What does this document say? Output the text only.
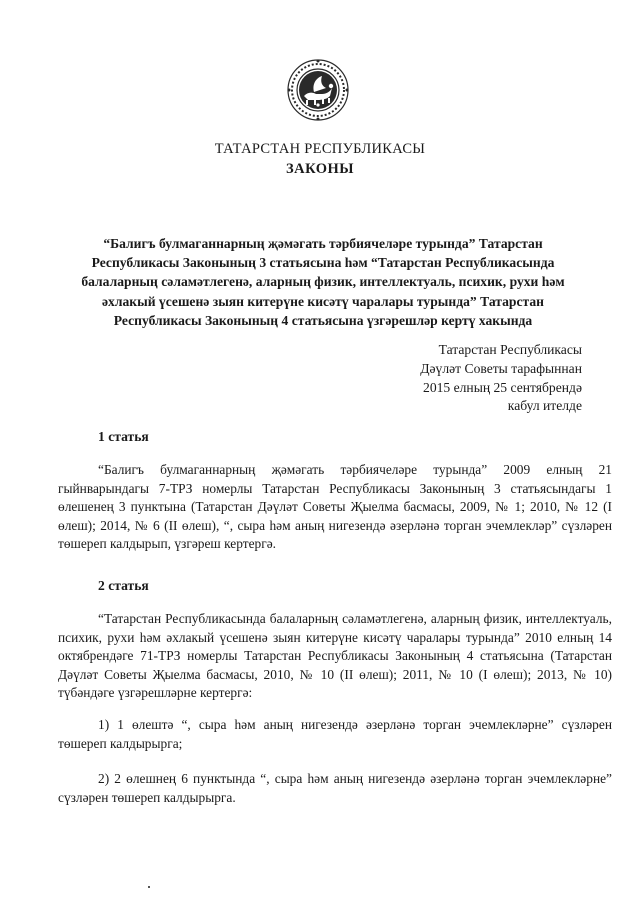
ТАТАРСТАН РЕСПУБЛИКАСЫ
ЗАКОНЫ
“Балигъ булмаганнарның җәмәгать тәрбиячеләре турында” Татарстан Республикасы Законының 3 статьясына һәм “Татарстан Республикасында балаларның сәламәтлегенә, аларның физик, интеллектуаль, психик, рухи һәм әхлакый үсешенә зыян китерүне кисәтү чаралары турында” Татарстан Республикасы Законының 4 статьясына үзгәрешләр кертү хакында
Татарстан Республикасы
Дәүләт Советы тарафыннан
2015 елның 25 сентябрендә
кабул ителде
1 статья

“Балигъ булмаганнарның җәмәгать тәрбиячеләре турында” 2009 елның 21 гыйнварындагы 7-ТРЗ номерлы Татарстан Республикасы Законының 3 статьясындагы 1 өлешенең 3 пунктына (Татарстан Дәүләт Советы Җыелма басмасы, 2009, № 1; 2010, № 12 (I өлеш); 2014, № 6 (II өлеш), “, сыра һәм аның нигезендә әзерләнә торган эчемлекләр” сүзләрен төшереп калдырып, үзгәреш кертергә.

2 статья

“Татарстан Республикасында балаларның сәламәтлегенә, аларның физик, интеллектуаль, психик, рухи һәм әхлакый үсешенә зыян китерүне кисәтү чаралары турында” 2010 елның 14 октябрендәге 71-ТРЗ номерлы Татарстан Республикасы Законының 4 статьясына (Татарстан Дәүләт Советы Җыелма басмасы, 2010, № 10 (II өлеш); 2011, № 10 (I өлеш); 2013, № 10) түбәндәге үзгәрешләрне кертергә:

1) 1 өлештә “, сыра һәм аның нигезендә әзерләнә торган эчемлекләрне” сүзләрен төшереп калдырырга;

2) 2 өлешнең 6 пунктында “, сыра һәм аның нигезендә әзерләнә торган эчемлекләрне” сүзләрен төшереп калдырырга.
